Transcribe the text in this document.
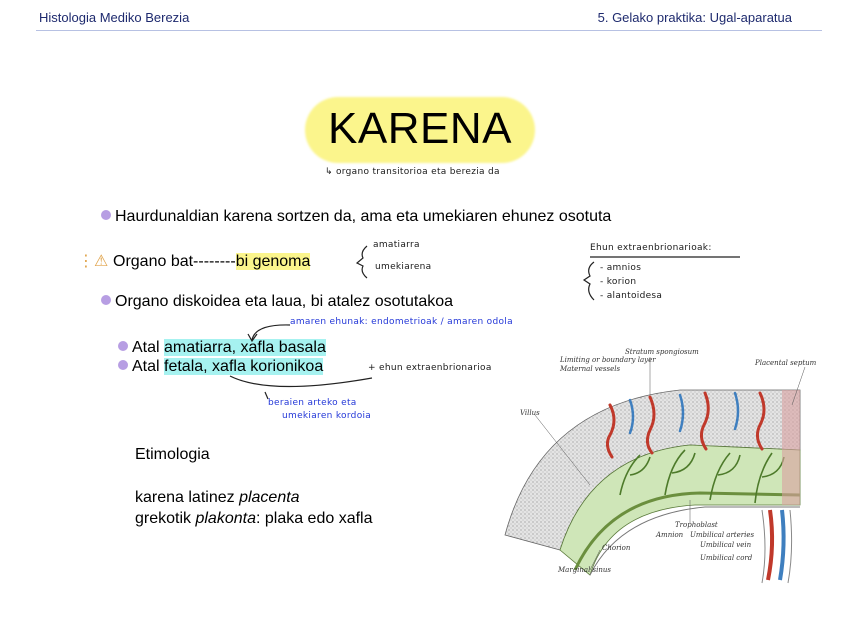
Histologia Mediko Berezia	5. Gelako praktika: Ugal-aparatua
KARENA
↳ organo transitorioa eta berezia da
Haurdunaldian karena sortzen da, ama eta umekiaren ehunez osotuta
⋮⚠ Organo bat--------bi genoma
Organo diskoidea eta laua, bi atalez osotutakoa
Atal amatiarra, xafla basala
Atal fetala, xafla korionikoa
amatiarra
umekiarena
Ehun extraenbrionarioak:
- amnios
- korion
- alantoidesa
amaren ehunak: endometrioak / amaren odola
+ ehun extraenbrionarioa
beraien arteko eta
umekiaren kordoia
Etimologia
karena latinez placenta
grekotik plakonta: plaka edo xafla
Stratum spongiosum
Limiting or boundary layer
Maternal vessels
Placental septum
Villus
Trophoblast
Amnion Umbilical arteries
Umbilical vein
Umbilical cord
Chorion
Marginal sinus
